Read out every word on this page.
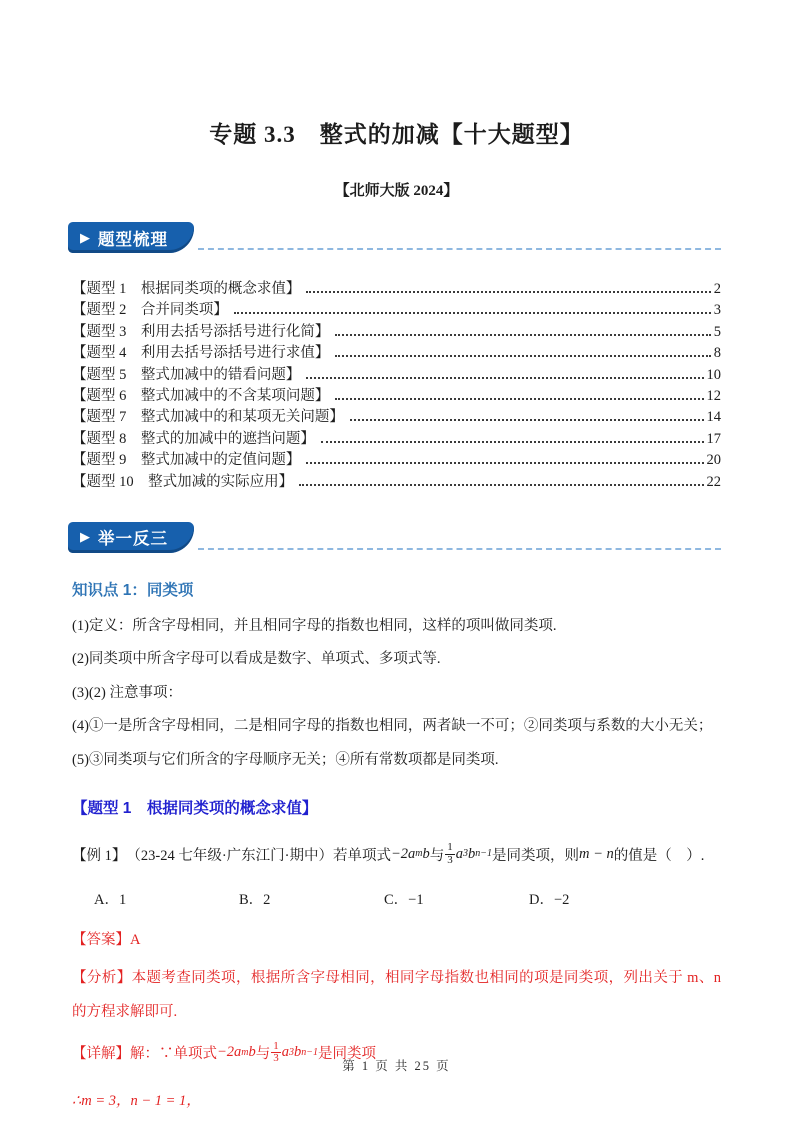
专题 3.3　整式的加减【十大题型】
【北师大版 2024】
▶ 题型梳理
【题型 1　根据同类项的概念求值】	2
【题型 2　合并同类项】	3
【题型 3　利用去括号添括号进行化简】	5
【题型 4　利用去括号添括号进行求值】	8
【题型 5　整式加减中的错看问题】	10
【题型 6　整式加减中的不含某项问题】	12
【题型 7　整式加减中的和某项无关问题】	14
【题型 8　整式的加减中的遮挡问题】	17
【题型 9　整式加减中的定值问题】	20
【题型 10　整式加减的实际应用】	22
▶ 举一反三
知识点 1：同类项
(1)定义：所含字母相同，并且相同字母的指数也相同，这样的项叫做同类项.
(2)同类项中所含字母可以看成是数字、单项式、多项式等.
(3)(2) 注意事项：
(4)①一是所含字母相同，二是相同字母的指数也相同，两者缺一不可；②同类项与系数的大小无关；
(5)③同类项与它们所含的字母顺序无关；④所有常数项都是同类项.
【题型 1　根据同类项的概念求值】
【例 1】 （23-24 七年级·广东江门·期中） 若单项式 −2a m b 与 $\frac{1}{3}$ a 3 b n−1 是同类项，则 m − n 的值是（　）.
A．1	B．2	C．−1	D．−2
【答案】A
【分析】本题考查同类项，根据所含字母相同，相同字母指数也相同的项是同类项，列出关于 m、n 的方程求解即可.
【详解】 解：∵单项式 −2a m b 与 $\frac{1}{3}$ a 3 b n−1 是同类项
∴m = 3，n − 1 = 1，
第 1 页 共 25 页
